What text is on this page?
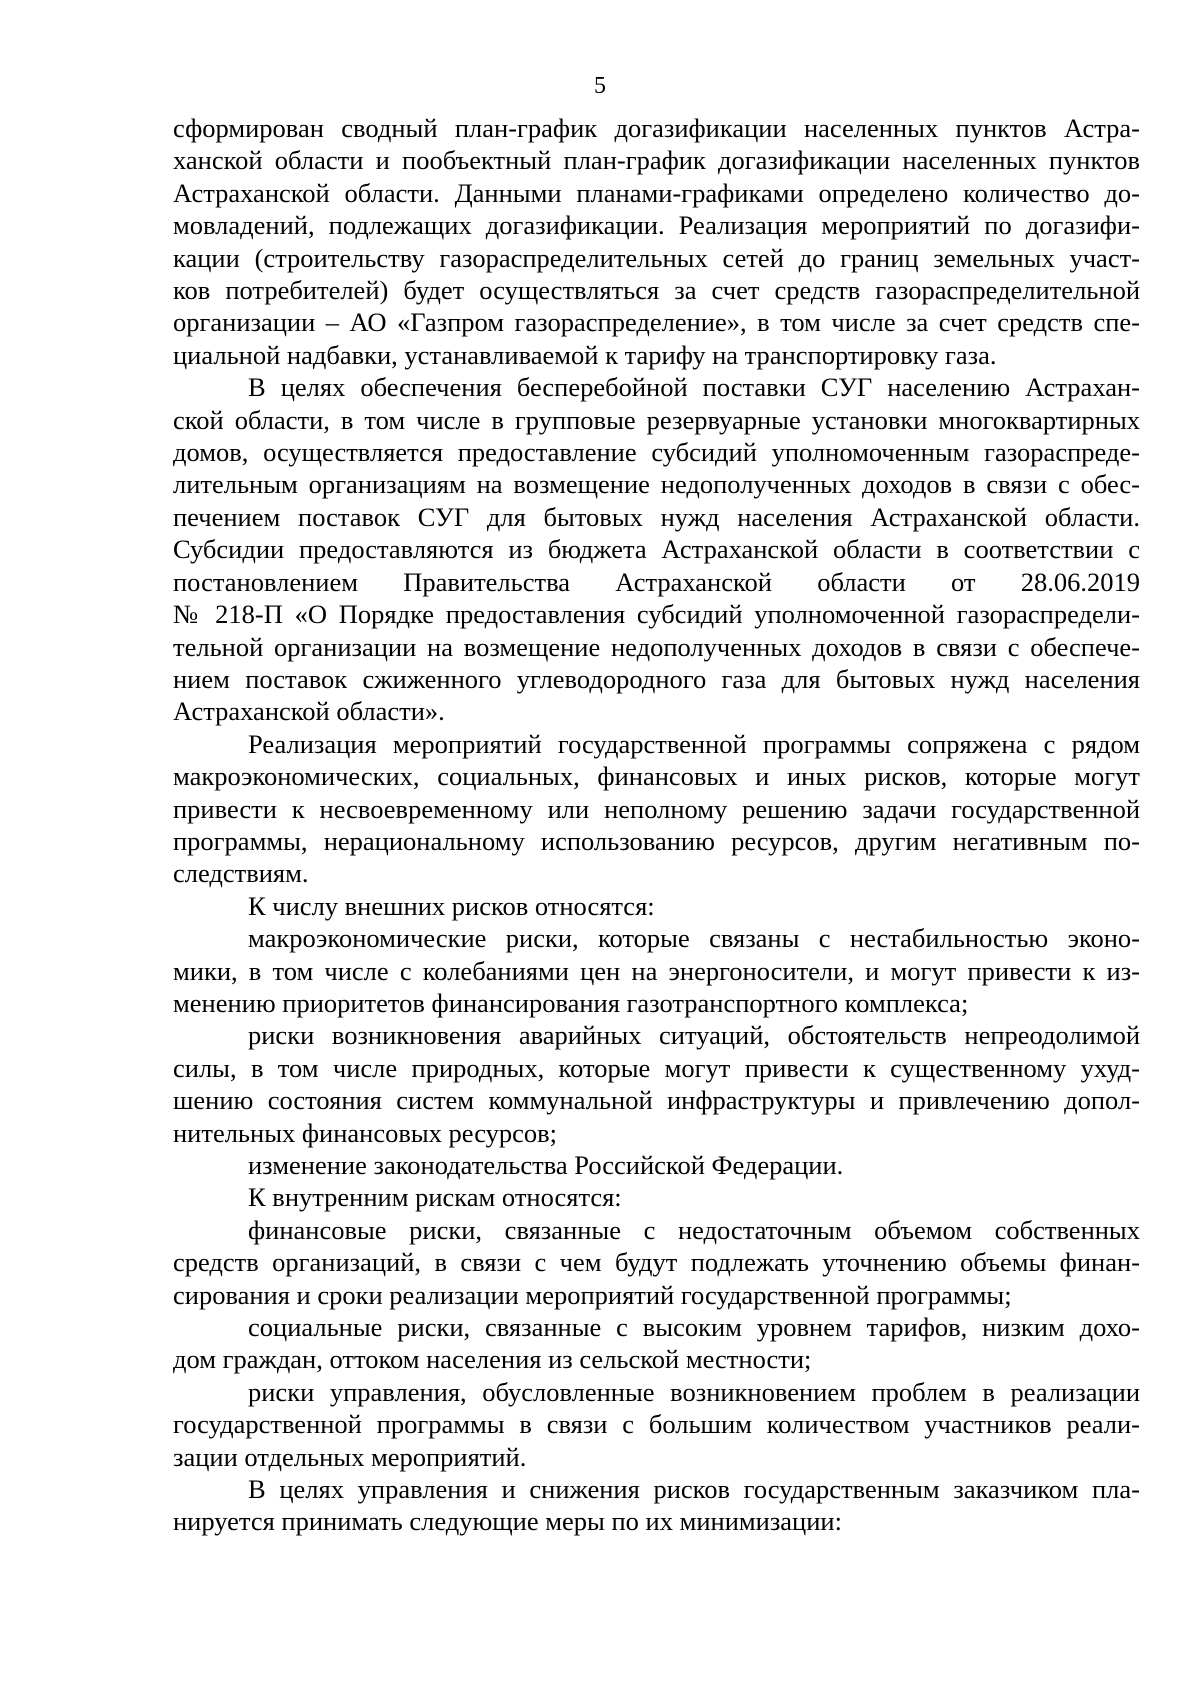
5
сформирован сводный план-график догазификации населенных пунктов Астра-
ханской области и пообъектный план-график догазификации населенных пунктов
Астраханской области. Данными планами-графиками определено количество до-
мовладений, подлежащих догазификации. Реализация мероприятий по догазифи-
кации (строительству газораспределительных сетей до границ земельных участ-
ков потребителей) будет осуществляться за счет средств газораспределительной
организации – АО «Газпром газораспределение», в том числе за счет средств спе-
циальной надбавки, устанавливаемой к тарифу на транспортировку газа.
В целях обеспечения бесперебойной поставки СУГ населению Астрахан-
ской области, в том числе в групповые резервуарные установки многоквартирных
домов, осуществляется предоставление субсидий уполномоченным газораспреде-
лительным организациям на возмещение недополученных доходов в связи с обес-
печением поставок СУГ для бытовых нужд населения Астраханской области.
Субсидии предоставляются из бюджета Астраханской области в соответствии с
постановлением Правительства Астраханской области от 28.06.2019
№ 218-П «О Порядке предоставления субсидий уполномоченной газораспредели-
тельной организации на возмещение недополученных доходов в связи с обеспече-
нием поставок сжиженного углеводородного газа для бытовых нужд населения
Астраханской области».
Реализация мероприятий государственной программы сопряжена с рядом
макроэкономических, социальных, финансовых и иных рисков, которые могут
привести к несвоевременному или неполному решению задачи государственной
программы, нерациональному использованию ресурсов, другим негативным по-
следствиям.
К числу внешних рисков относятся:
макроэкономические риски, которые связаны с нестабильностью эконо-
мики, в том числе с колебаниями цен на энергоносители, и могут привести к из-
менению приоритетов финансирования газотранспортного комплекса;
риски возникновения аварийных ситуаций, обстоятельств непреодолимой
силы, в том числе природных, которые могут привести к существенному ухуд-
шению состояния систем коммунальной инфраструктуры и привлечению допол-
нительных финансовых ресурсов;
изменение законодательства Российской Федерации.
К внутренним рискам относятся:
финансовые риски, связанные с недостаточным объемом собственных
средств организаций, в связи с чем будут подлежать уточнению объемы финан-
сирования и сроки реализации мероприятий государственной программы;
социальные риски, связанные с высоким уровнем тарифов, низким дохо-
дом граждан, оттоком населения из сельской местности;
риски управления, обусловленные возникновением проблем в реализации
государственной программы в связи с большим количеством участников реали-
зации отдельных мероприятий.
В целях управления и снижения рисков государственным заказчиком пла-
нируется принимать следующие меры по их минимизации:
